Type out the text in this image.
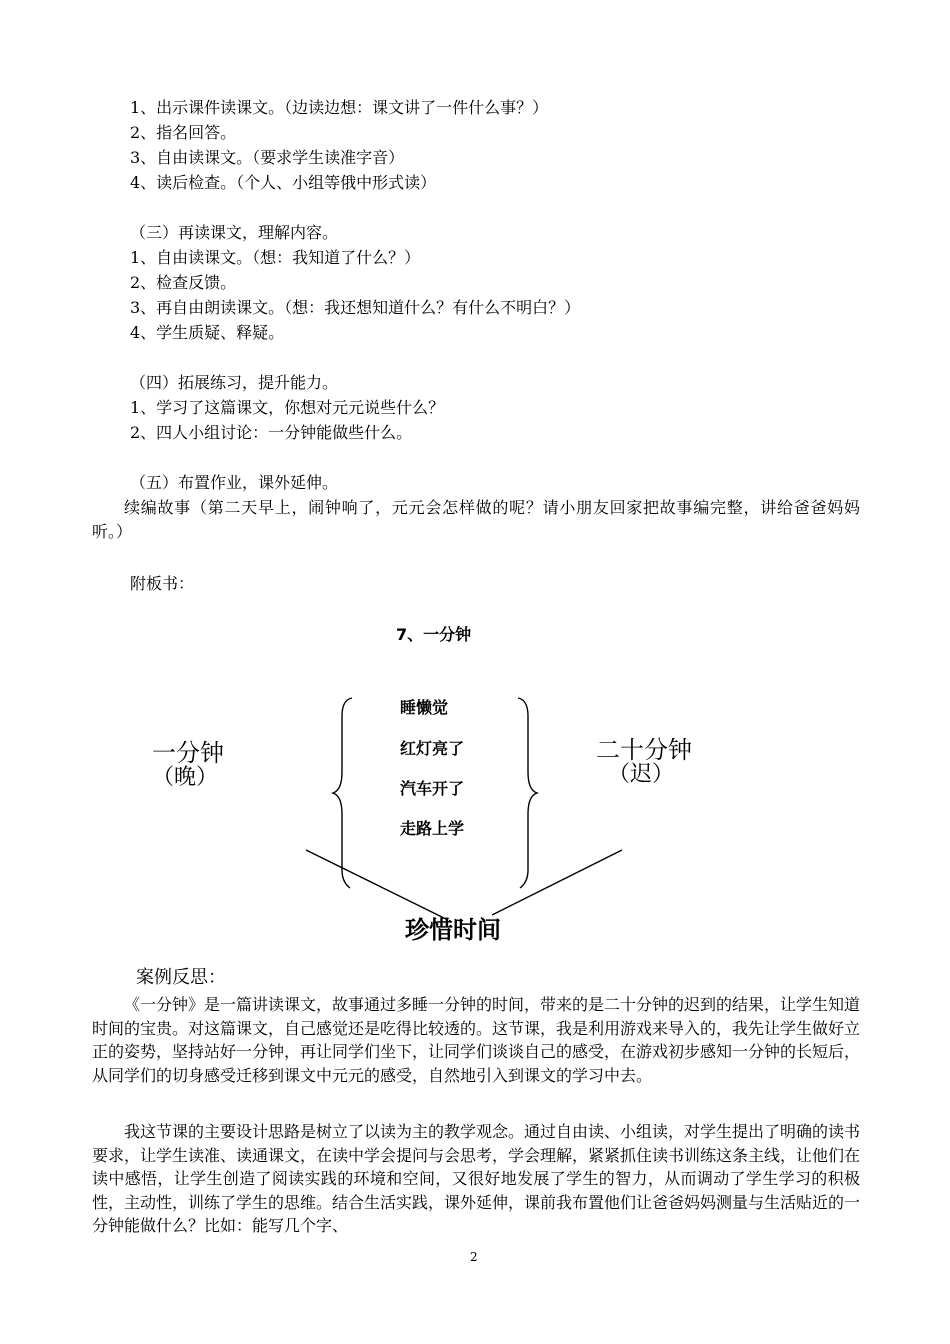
1、出示课件读课文。（边读边想：课文讲了一件什么事？）
2、指名回答。
3、自由读课文。（要求学生读准字音）
4、读后检查。（个人、小组等俄中形式读）
（三）再读课文，理解内容。
1、自由读课文。（想：我知道了什么？）
2、检查反馈。
3、再自由朗读课文。（想：我还想知道什么？有什么不明白？）
4、学生质疑、释疑。
（四）拓展练习，提升能力。
1、学习了这篇课文，你想对元元说些什么？
2、四人小组讨论：一分钟能做些什么。
（五）布置作业，课外延伸。
续编故事（第二天早上，闹钟响了，元元会怎样做的呢？请小朋友回家把故事编完整，讲给爸爸妈妈听。）
附板书：
7、一分钟
一分钟
（晚）
睡懒觉
红灯亮了
汽车开了
走路上学
二十分钟
（迟）
珍惜时间
案例反思：
《一分钟》是一篇讲读课文，故事通过多睡一分钟的时间，带来的是二十分钟的迟到的结果，让学生知道时间的宝贵。对这篇课文，自己感觉还是吃得比较透的。这节课，我是利用游戏来导入的，我先让学生做好立正的姿势，坚持站好一分钟，再让同学们坐下，让同学们谈谈自己的感受，在游戏初步感知一分钟的长短后，从同学们的切身感受迁移到课文中元元的感受，自然地引入到课文的学习中去。
我这节课的主要设计思路是树立了以读为主的教学观念。通过自由读、小组读，对学生提出了明确的读书要求，让学生读准、读通课文，在读中学会提问与会思考，学会理解，紧紧抓住读书训练这条主线，让他们在读中感悟，让学生创造了阅读实践的环境和空间，又很好地发展了学生的智力，从而调动了学生学习的积极性，主动性，训练了学生的思维。结合生活实践，课外延伸，课前我布置他们让爸爸妈妈测量与生活贴近的一分钟能做什么？比如：能写几个字、
2
